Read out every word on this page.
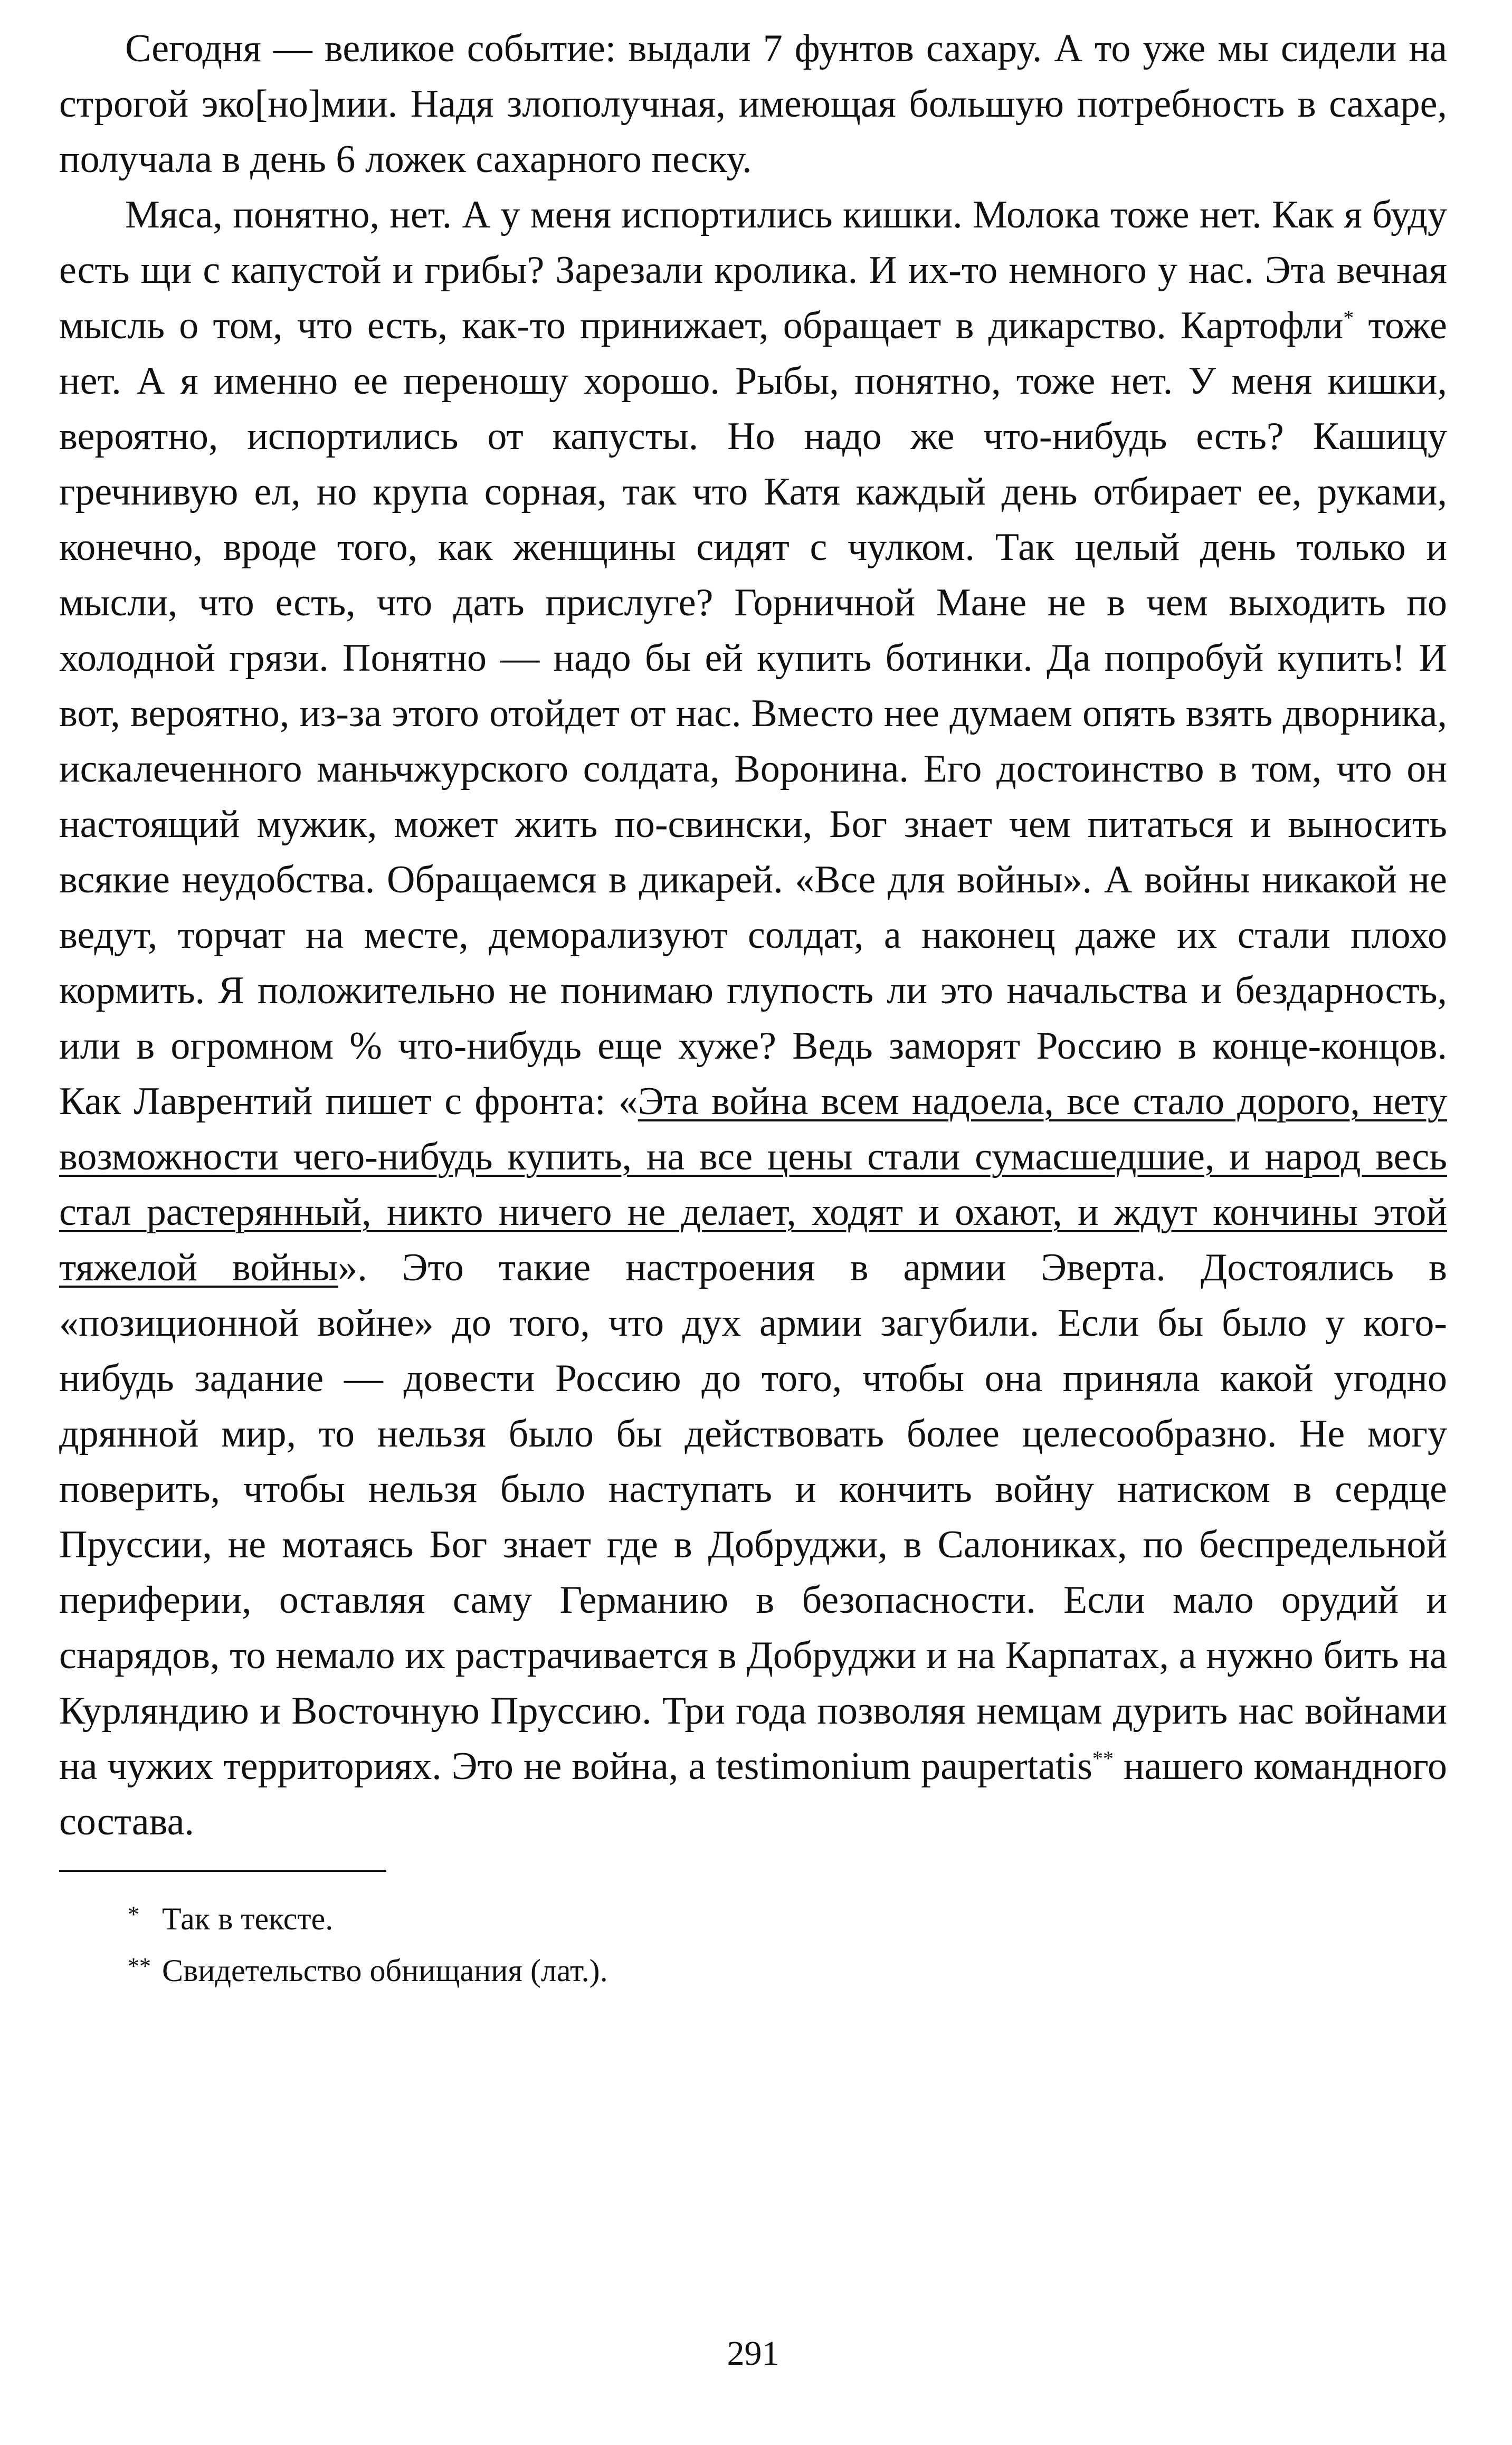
Сегодня — великое событие: выдали 7 фунтов сахару. А то уже мы сидели на строгой эко[но]мии. Надя злополучная, имеющая большую потребность в сахаре, получала в день 6 ложек сахарного песку.

Мяса, понятно, нет. А у меня испортились кишки. Молока тоже нет. Как я буду есть щи с капустой и грибы? Зарезали кролика. И их-то немного у нас. Эта вечная мысль о том, что есть, как-то принижает, обращает в дикарство. Картофли* тоже нет. А я именно ее переношу хорошо. Рыбы, понятно, тоже нет. У меня кишки, вероятно, испортились от капусты. Но надо же что-нибудь есть? Кашицу гречнивую ел, но крупа сорная, так что Катя каждый день отбирает ее, руками, конечно, вроде того, как женщины сидят с чулком. Так целый день только и мысли, что есть, что дать прислуге? Горничной Мане не в чем выходить по холодной грязи. Понятно — надо бы ей купить ботинки. Да попробуй купить! И вот, вероятно, из-за этого отойдет от нас. Вместо нее думаем опять взять дворника, искалеченного маньчжурского солдата, Воронина. Его достоинство в том, что он настоящий мужик, может жить по-свински, Бог знает чем питаться и выносить всякие неудобства. Обращаемся в дикарей. «Все для войны». А войны никакой не ведут, торчат на месте, деморализуют солдат, а наконец даже их стали плохо кормить. Я положительно не понимаю глупость ли это начальства и бездарность, или в огромном % что-нибудь еще хуже? Ведь заморят Россию в конце-концов. Как Лаврентий пишет с фронта: «Эта война всем надоела, все стало дорого, нету возможности чего-нибудь купить, на все цены стали сумасшедшие, и народ весь стал растерянный, никто ничего не делает, ходят и охают, и ждут кончины этой тяжелой войны». Это такие настроения в армии Эверта. Достоялись в «позиционной войне» до того, что дух армии загубили. Если бы было у кого-нибудь задание — довести Россию до того, чтобы она приняла какой угодно дрянной мир, то нельзя было бы действовать более целесообразно. Не могу поверить, чтобы нельзя было наступать и кончить войну натиском в сердце Пруссии, не мотаясь Бог знает где в Добруджи, в Салониках, по беспредельной периферии, оставляя саму Германию в безопасности. Если мало орудий и снарядов, то немало их растрачивается в Добруджи и на Карпатах, а нужно бить на Курляндию и Восточную Пруссию. Три года позволяя немцам дурить нас войнами на чужих территориях. Это не война, а testimonium paupertatis** нашего командного состава.

* Так в тексте.

** Свидетельство обнищания (лат.).

291
